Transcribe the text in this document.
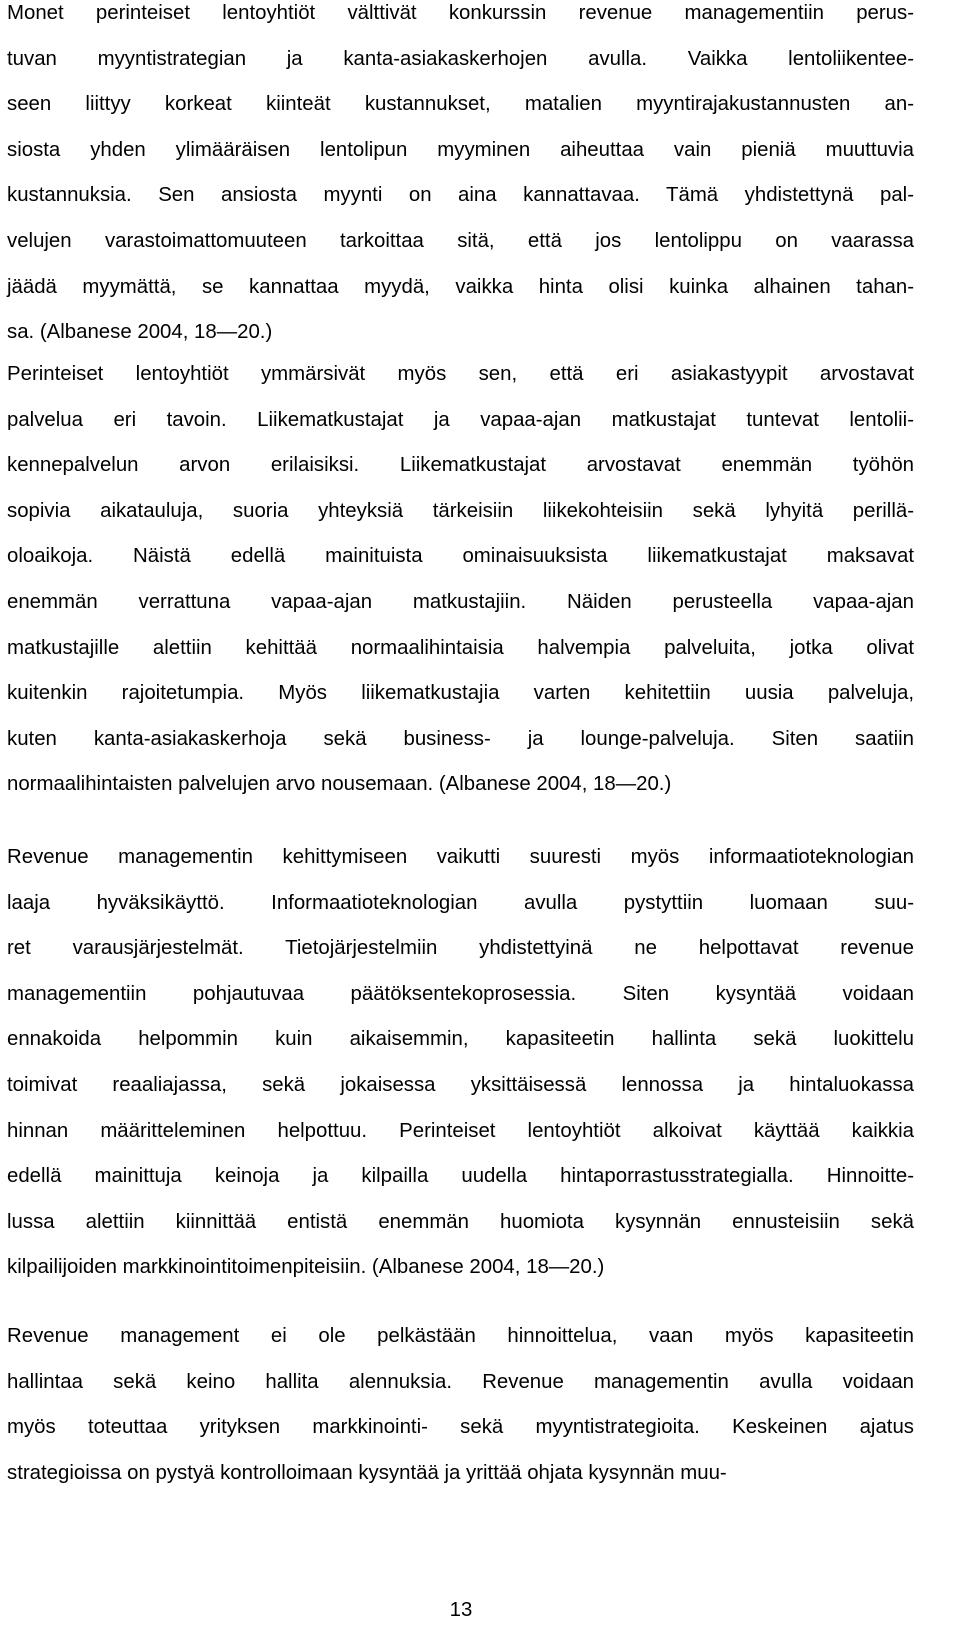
Monet perinteiset lentoyhtiöt välttivät konkurssin revenue managementiin perus-
tuvan myyntistrategian ja kanta-asiakaskerhojen avulla. Vaikka lentoliikentee-
seen liittyy korkeat kiinteät kustannukset, matalien myyntirajakustannusten an-
siosta yhden ylimääräisen lentolipun myyminen aiheuttaa vain pieniä muuttuvia
kustannuksia. Sen ansiosta myynti on aina kannattavaa. Tämä yhdistettynä pal-
velujen varastoimattomuuteen tarkoittaa sitä, että jos lentolippu on vaarassa
jäädä myymättä, se kannattaa myydä, vaikka hinta olisi kuinka alhainen tahan-
sa. (Albanese 2004, 18—20.)
Perinteiset lentoyhtiöt ymmärsivät myös sen, että eri asiakastyypit arvostavat
palvelua eri tavoin. Liikematkustajat ja vapaa-ajan matkustajat tuntevat lentolii-
kennepalvelun arvon erilaisiksi. Liikematkustajat arvostavat enemmän työhön
sopivia aikatauluja, suoria yhteyksiä tärkeisiin liikekohteisiin sekä lyhyitä perillä-
oloaikoja. Näistä edellä mainituista ominaisuuksista liikematkustajat maksavat
enemmän verrattuna vapaa-ajan matkustajiin. Näiden perusteella vapaa-ajan
matkustajille alettiin kehittää normaalihintaisia halvempia palveluita, jotka olivat
kuitenkin rajoitetumpia. Myös liikematkustajia varten kehitettiin uusia palveluja,
kuten kanta-asiakaskerhoja sekä business- ja lounge-palveluja. Siten saatiin
normaalihintaisten palvelujen arvo nousemaan. (Albanese 2004, 18—20.)
Revenue managementin kehittymiseen vaikutti suuresti myös informaatioteknologian
laaja hyväksikäyttö. Informaatioteknologian avulla pystyttiin luomaan suu-
ret varausjärjestelmät. Tietojärjestelmiin yhdistettyinä ne helpottavat revenue
managementiin pohjautuvaa päätöksentekoprosessia. Siten kysyntää voidaan
ennakoida helpommin kuin aikaisemmin, kapasiteetin hallinta sekä luokittelu
toimivat reaaliajassa, sekä jokaisessa yksittäisessä lennossa ja hintaluokassa
hinnan määritteleminen helpottuu. Perinteiset lentoyhtiöt alkoivat käyttää kaikkia
edellä mainittuja keinoja ja kilpailla uudella hintaporrastusstrategialla. Hinnoitte-
lussa alettiin kiinnittää entistä enemmän huomiota kysynnän ennusteisiin sekä
kilpailijoiden markkinointitoimenpiteisiin. (Albanese 2004, 18—20.)
Revenue management ei ole pelkästään hinnoittelua, vaan myös kapasiteetin
hallintaa sekä keino hallita alennuksia. Revenue managementin avulla voidaan
myös toteuttaa yrityksen markkinointi- sekä myyntistrategioita. Keskeinen ajatus
strategioissa on pystyä kontrolloimaan kysyntää ja yrittää ohjata kysynnän muu-
13
